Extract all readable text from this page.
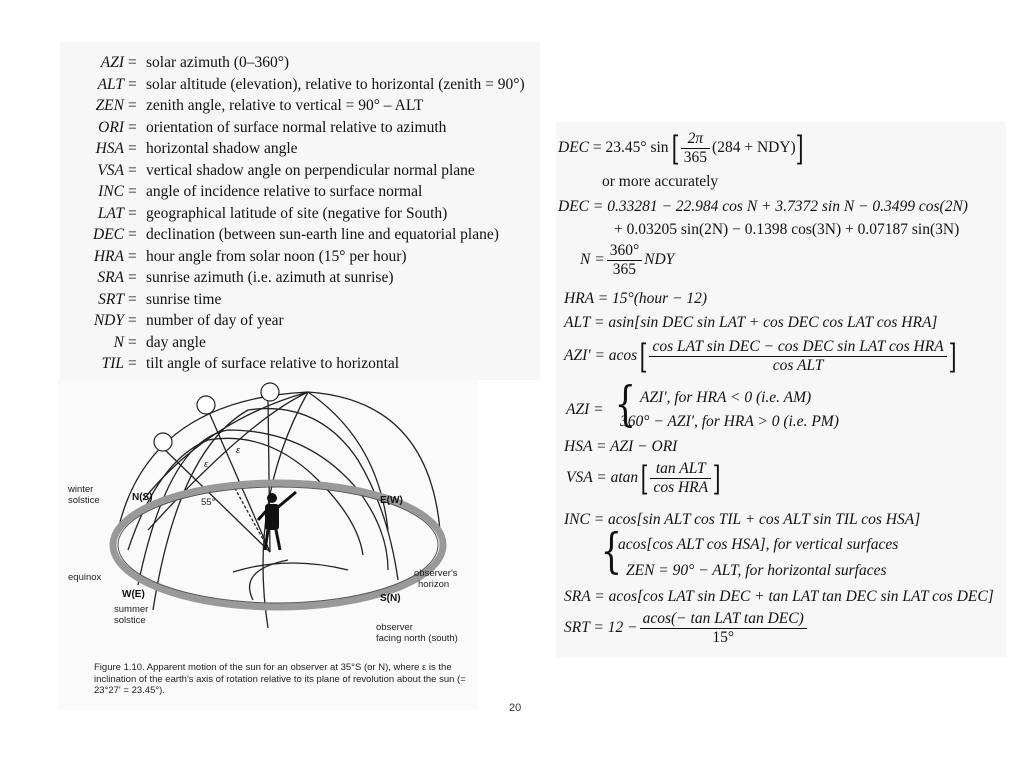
AZI = solar azimuth (0–360°)
ALT = solar altitude (elevation), relative to horizontal (zenith = 90°)
ZEN = zenith angle, relative to vertical = 90° – ALT
ORI = orientation of surface normal relative to azimuth
HSA = horizontal shadow angle
VSA = vertical shadow angle on perpendicular normal plane
INC = angle of incidence relative to surface normal
LAT = geographical latitude of site (negative for South)
DEC = declination (between sun-earth line and equatorial plane)
HRA = hour angle from solar noon (15° per hour)
SRA = sunrise azimuth (i.e. azimuth at sunrise)
SRT = sunrise time
NDY = number of day of year
N = day angle
TIL = tilt angle of surface relative to horizontal
DEC = 23.45° $\sin[ \frac{2\pi}{365} (284 + NDY)]$
or more accurately
DEC = 0.33281 − 22.984 cos N + 3.7372 sin N − 0.3499 cos(2N)
+ 0.03205 sin(2N) − 0.1398 cos(3N) + 0.07187 sin(3N)
$N = \frac{360^\circ}{365}$ NDY
HRA = 15°(hour − 12)
ALT = asin[sin DEC sin LAT + cos DEC cos LAT cos HRA]
$AZI' = acos[ \frac{\text{cos LAT sin DEC − cos DEC sin LAT cos HRA}}{\text{cos ALT}}$ ]
AZI = { AZI', for HRA < 0 (i.e. AM)
360° − AZI', for HRA > 0 (i.e. PM)
HSA = AZI − ORI
VSA = $atan[ \frac{\text{tan ALT}}{\text{cos HRA}}$ ]
INC = acos[sin ALT cos TIL + cos ALT sin TIL cos HSA]
{
acos[cos ALT cos HSA], for vertical surfaces
ZEN = 90° − ALT, for horizontal surfaces
SRA = acos[cos LAT sin DEC + tan LAT tan DEC sin LAT cos DEC]
SRT = $12 - \frac{\text{acos(− tan LAT tan DEC)}}{15^\circ}$
winter
solstice	N(S)	E(W)
55°
ε
ε
equinox
W(E)
summer
solstice
S(N)
observer's
horizon
observer
facing north (south)
Figure 1.10. Apparent motion of the sun for an observer at 35°S (or N), where ε is the inclination of the earth's axis of rotation relative to its plane of revolution about the sun (= 23°27' = 23.45°).
20
